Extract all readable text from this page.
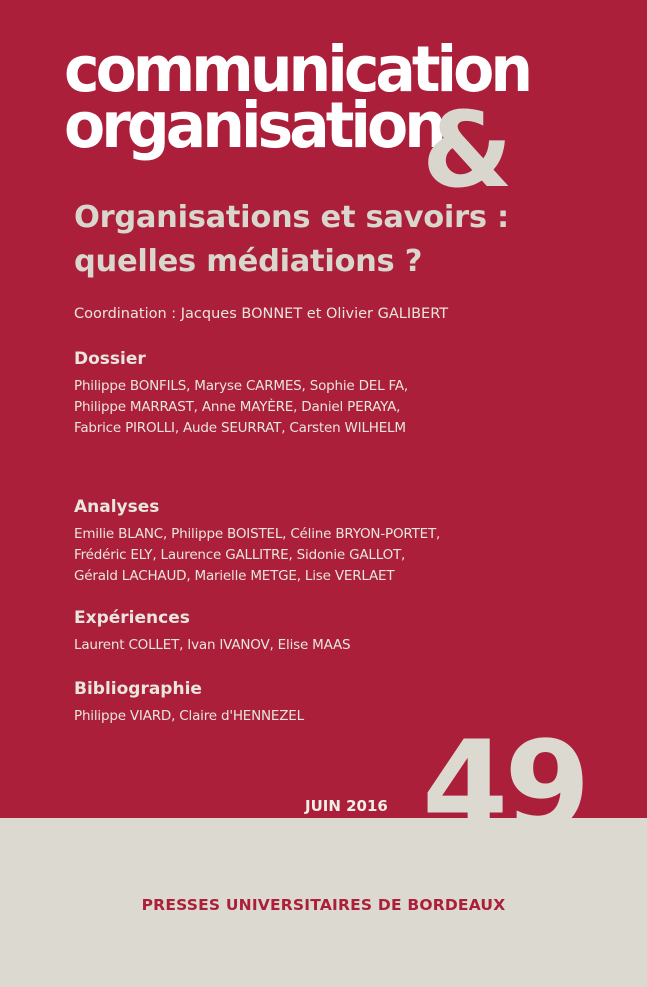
communication
organisation
&
Organisations et savoirs :
quelles médiations ?
Coordination : Jacques BONNET et Olivier GALIBERT
Dossier
Philippe BONFILS, Maryse CARMES, Sophie DEL FA,
Philippe MARRAST, Anne MAYÈRE, Daniel PERAYA,
Fabrice PIROLLI, Aude SEURRAT, Carsten WILHELM
Analyses
Emilie BLANC, Philippe BOISTEL, Céline BRYON-PORTET,
Frédéric ELY, Laurence GALLITRE, Sidonie GALLOT,
Gérald LACHAUD, Marielle METGE, Lise VERLAET
Expériences
Laurent COLLET, Ivan IVANOV, Elise MAAS
Bibliographie
Philippe VIARD, Claire d'HENNEZEL 49
JUIN 2016
PRESSES UNIVERSITAIRES DE BORDEAUX
